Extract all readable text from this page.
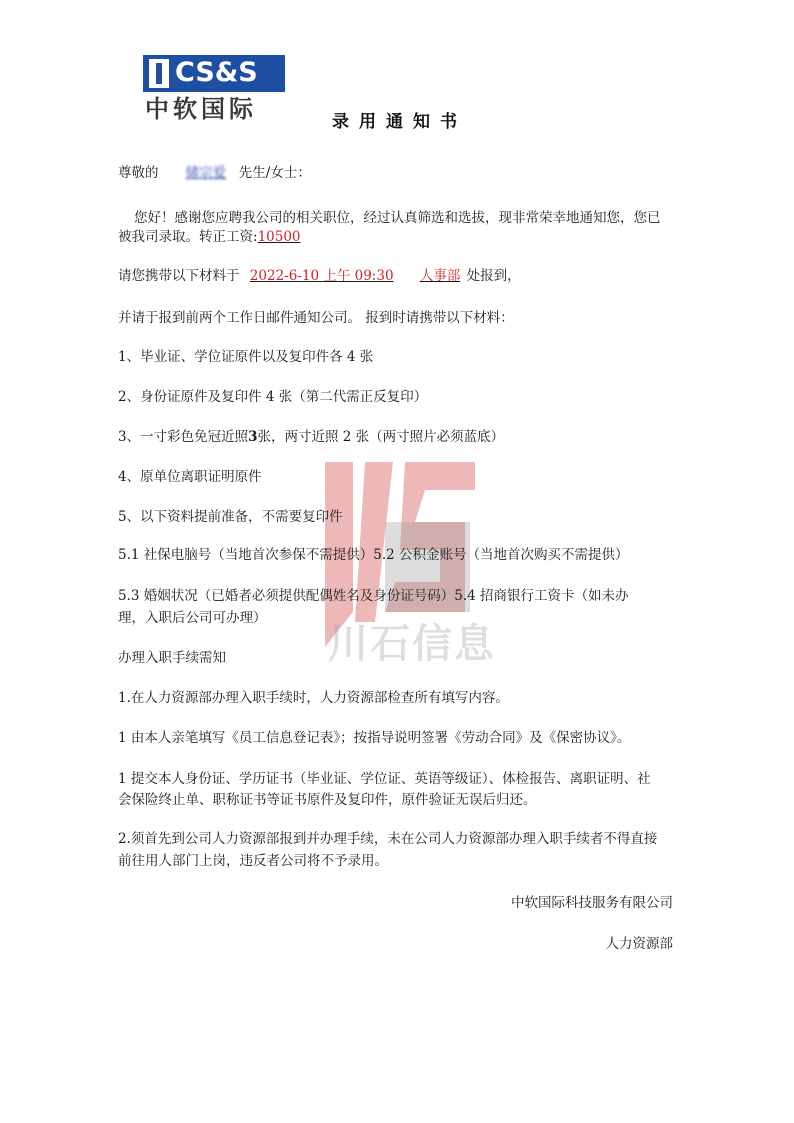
CS&S
中软国际	录用通知书
川石信息
尊敬的 储宗爱 先生/女士：
您好！感谢您应聘我公司的相关职位，经过认真筛选和选拔，现非常荣幸地通知您，您已
被我司录取。转正工资:10500
请您携带以下材料于 2022-6-10 上午 09:30 人事部 处报到，
并请于报到前两个工作日邮件通知公司。 报到时请携带以下材料：
1、毕业证、学位证原件以及复印件各 4 张
2、身份证原件及复印件 4 张（第二代需正反复印）
3、一寸彩色免冠近照3张，两寸近照 2 张（两寸照片必须蓝底）
4、原单位离职证明原件
5、以下资料提前准备，不需要复印件
5.1 社保电脑号（当地首次参保不需提供）5.2 公积金账号（当地首次购买不需提供）
5.3 婚姻状况（已婚者必须提供配偶姓名及身份证号码）5.4 招商银行工资卡（如未办
理，入职后公司可办理）
办理入职手续需知
1.在人力资源部办理入职手续时，人力资源部检查所有填写内容。
1 由本人亲笔填写《员工信息登记表》；按指导说明签署《劳动合同》及《保密协议》。
1 提交本人身份证、学历证书（毕业证、学位证、英语等级证）、体检报告、离职证明、社
会保险终止单、职称证书等证书原件及复印件，原件验证无误后归还。
2.须首先到公司人力资源部报到并办理手续，未在公司人力资源部办理入职手续者不得直接
前往用人部门上岗，违反者公司将不予录用。
中软国际科技服务有限公司
人力资源部
